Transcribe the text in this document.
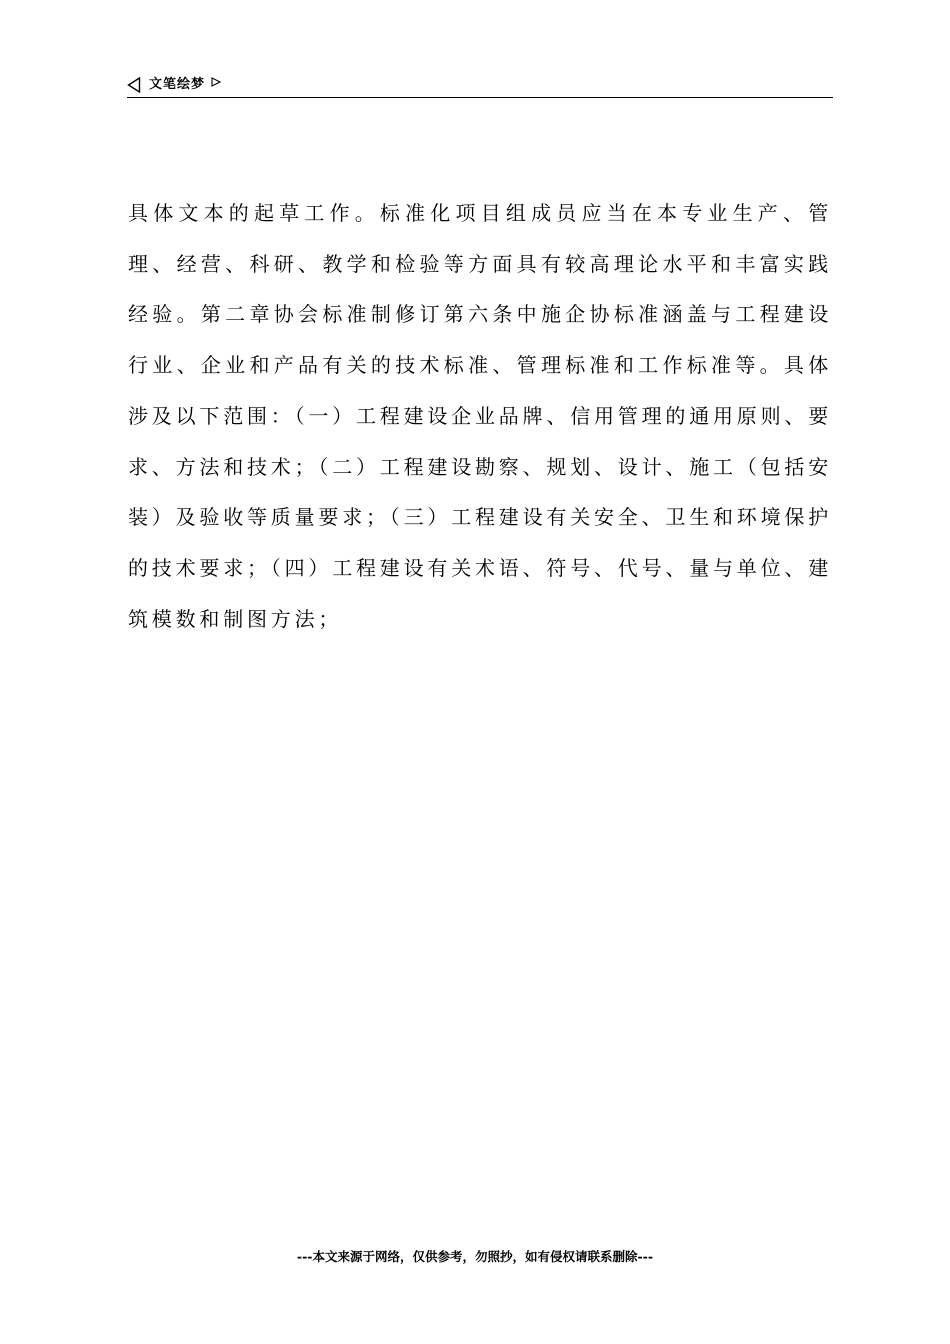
文笔绘梦

具体文本的起草工作。标准化项目组成员应当在本专业生产、管理、经营、科研、教学和检验等方面具有较高理论水平和丰富实践经验。第二章协会标准制修订第六条中施企协标准涵盖与工程建设行业、企业和产品有关的技术标准、管理标准和工作标准等。具体涉及以下范围：（一）工程建设企业品牌、信用管理的通用原则、要求、方法和技术；（二）工程建设勘察、规划、设计、施工（包括安装）及验收等质量要求；（三）工程建设有关安全、卫生和环境保护的技术要求；（四）工程建设有关术语、符号、代号、量与单位、建筑模数和制图方法；

---本文来源于网络，仅供参考，勿照抄，如有侵权请联系删除---
